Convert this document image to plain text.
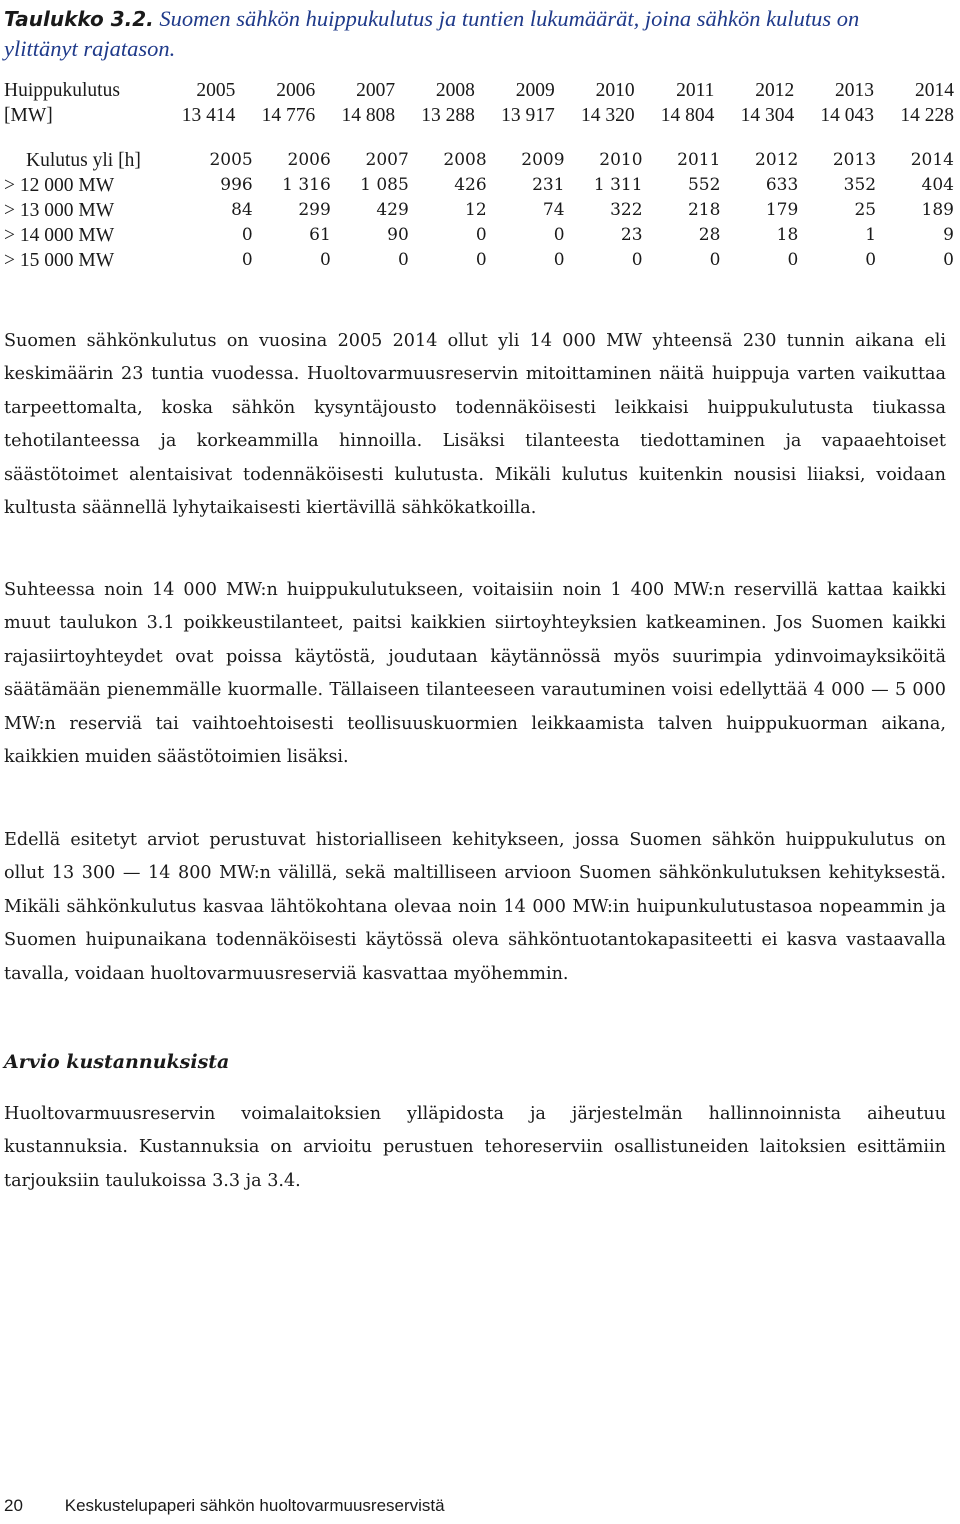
Taulukko 3.2. Suomen sähkön huippukulutus ja tuntien lukumäärät, joina sähkön kulutus on ylittänyt rajatason.
Huippukulutus	2005	2006	2007	2008	2009	2010	2011	2012	2013	2014
[MW]	13 414	14 776	14 808	13 288	13 917	14 320	14 804	14 304	14 043	14 228
Kulutus yli [h]	2005	2006	2007	2008	2009	2010	2011	2012	2013	2014
> 12 000 MW	996	1 316	1 085	426	231	1 311	552	633	352	404
> 13 000 MW	84	299	429	12	74	322	218	179	25	189
> 14 000 MW	0	61	90	0	0	23	28	18	1	9
> 15 000 MW	0	0	0	0	0	0	0	0	0	0

Suomen sähkönkulutus on vuosina 2005 2014 ollut yli 14 000 MW yhteensä 230 tunnin aikana eli keskimäärin 23 tuntia vuodessa. Huoltovarmuusreservin mitoittaminen näitä huippuja varten vaikuttaa tarpeettomalta, koska sähkön kysyntäjousto todennäköisesti leikkaisi huippukulutusta tiukassa tehotilanteessa ja korkeammilla hinnoilla. Lisäksi tilanteesta tiedottaminen ja vapaaehtoiset säästötoimet alentaisivat todennäköisesti kulutusta. Mikäli kulutus kuitenkin nousisi liiaksi, voidaan kultusta säännellä lyhytaikaisesti kiertävillä sähkökatkoilla.

Suhteessa noin 14 000 MW:n huippukulutukseen, voitaisiin noin 1 400 MW:n reservillä kattaa kaikki muut taulukon 3.1 poikkeustilanteet, paitsi kaikkien siirtoyhteyksien katkeaminen. Jos Suomen kaikki rajasiirtoyhteydet ovat poissa käytöstä, joudutaan käytännössä myös suurimpia ydinvoimayksiköitä säätämään pienemmälle kuormalle. Tällaiseen tilanteeseen varautuminen voisi edellyttää 4 000 — 5 000 MW:n reserviä tai vaihtoehtoisesti teollisuuskuormien leikkaamista talven huippukuorman aikana, kaikkien muiden säästötoimien lisäksi.

Edellä esitetyt arviot perustuvat historialliseen kehitykseen, jossa Suomen sähkön huippukulutus on ollut 13 300 — 14 800 MW:n välillä, sekä maltilliseen arvioon Suomen sähkönkulutuksen kehityksestä. Mikäli sähkönkulutus kasvaa lähtökohtana olevaa noin 14 000 MW:in huipunkulutustasoa nopeammin ja Suomen huipunaikana todennäköisesti käytössä oleva sähköntuotantokapasiteetti ei kasva vastaavalla tavalla, voidaan huoltovarmuusreserviä kasvattaa myöhemmin.

Arvio kustannuksista

Huoltovarmuusreservin voimalaitoksien ylläpidosta ja järjestelmän hallinnoinnista aiheutuu kustannuksia. Kustannuksia on arvioitu perustuen tehoreserviin osallistuneiden laitoksien esittämiin tarjouksiin taulukoissa 3.3 ja 3.4.

20 Keskustelupaperi sähkön huoltovarmuusreservistä
